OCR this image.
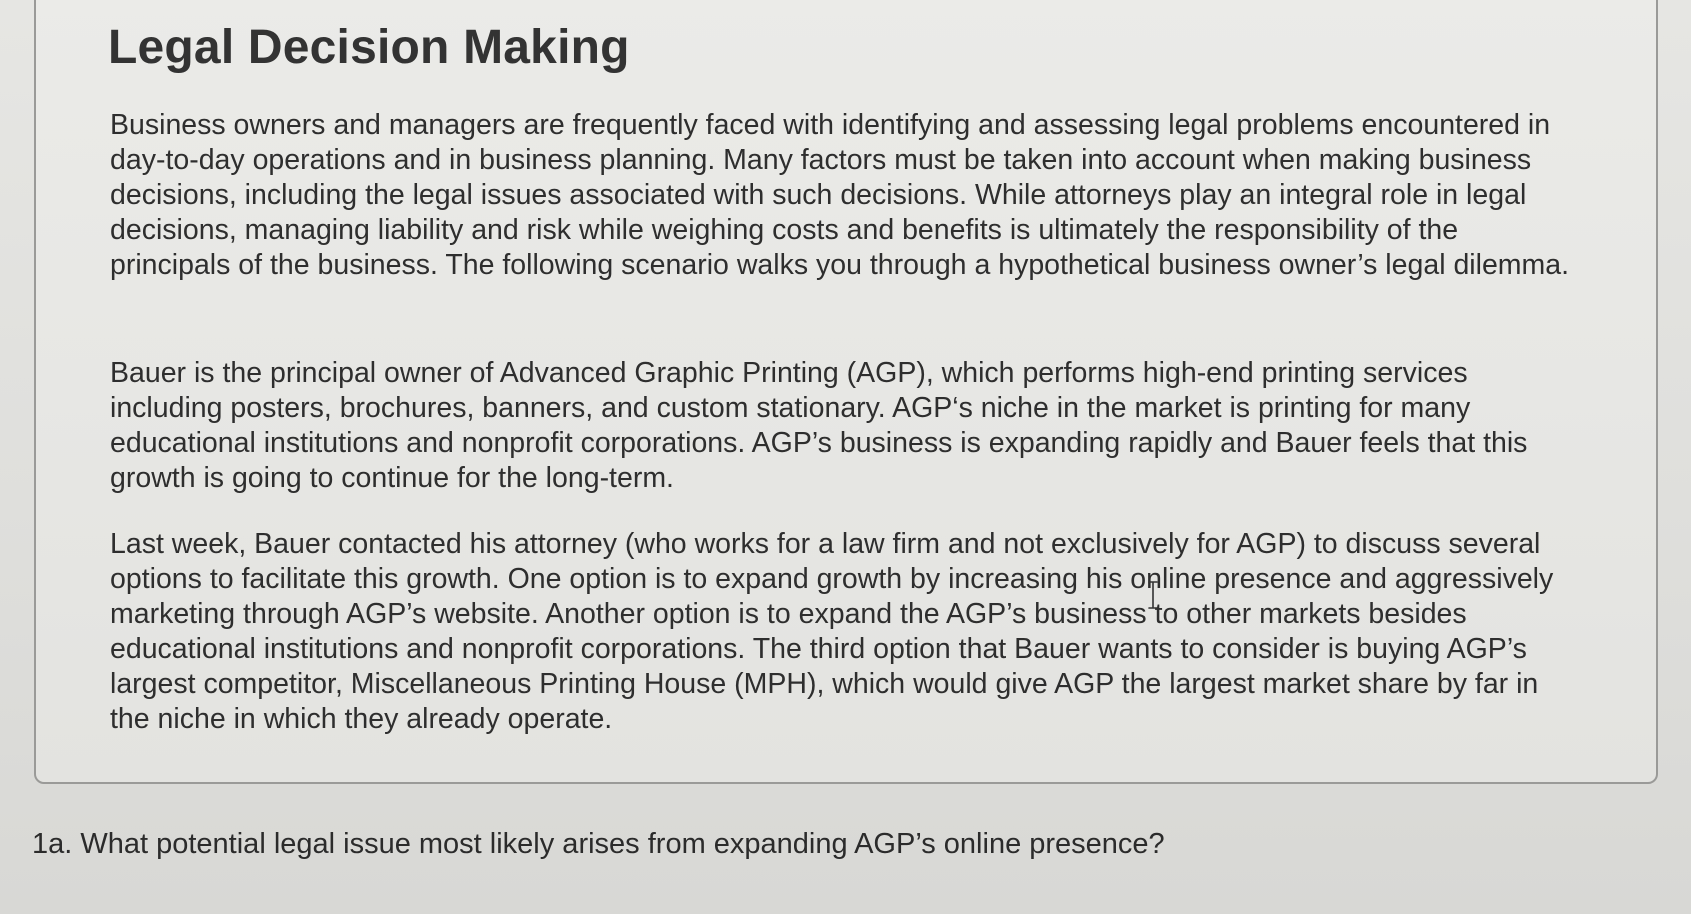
Legal Decision Making

Business owners and managers are frequently faced with identifying and assessing legal problems encountered in day-to-day operations and in business planning. Many factors must be taken into account when making business decisions, including the legal issues associated with such decisions. While attorneys play an integral role in legal decisions, managing liability and risk while weighing costs and benefits is ultimately the responsibility of the principals of the business. The following scenario walks you through a hypothetical business owner’s legal dilemma.

Bauer is the principal owner of Advanced Graphic Printing (AGP), which performs high-end printing services including posters, brochures, banners, and custom stationary. AGP‘s niche in the market is printing for many educational institutions and nonprofit corporations. AGP’s business is expanding rapidly and Bauer feels that this growth is going to continue for the long-term.

Last week, Bauer contacted his attorney (who works for a law firm and not exclusively for AGP) to discuss several options to facilitate this growth. One option is to expand growth by increasing his online presence and aggressively marketing through AGP’s website. Another option is to expand the AGP’s business to other markets besides educational institutions and nonprofit corporations. The third option that Bauer wants to consider is buying AGP’s largest competitor, Miscellaneous Printing House (MPH), which would give AGP the largest market share by far in the niche in which they already operate.

1a. What potential legal issue most likely arises from expanding AGP’s online presence?
